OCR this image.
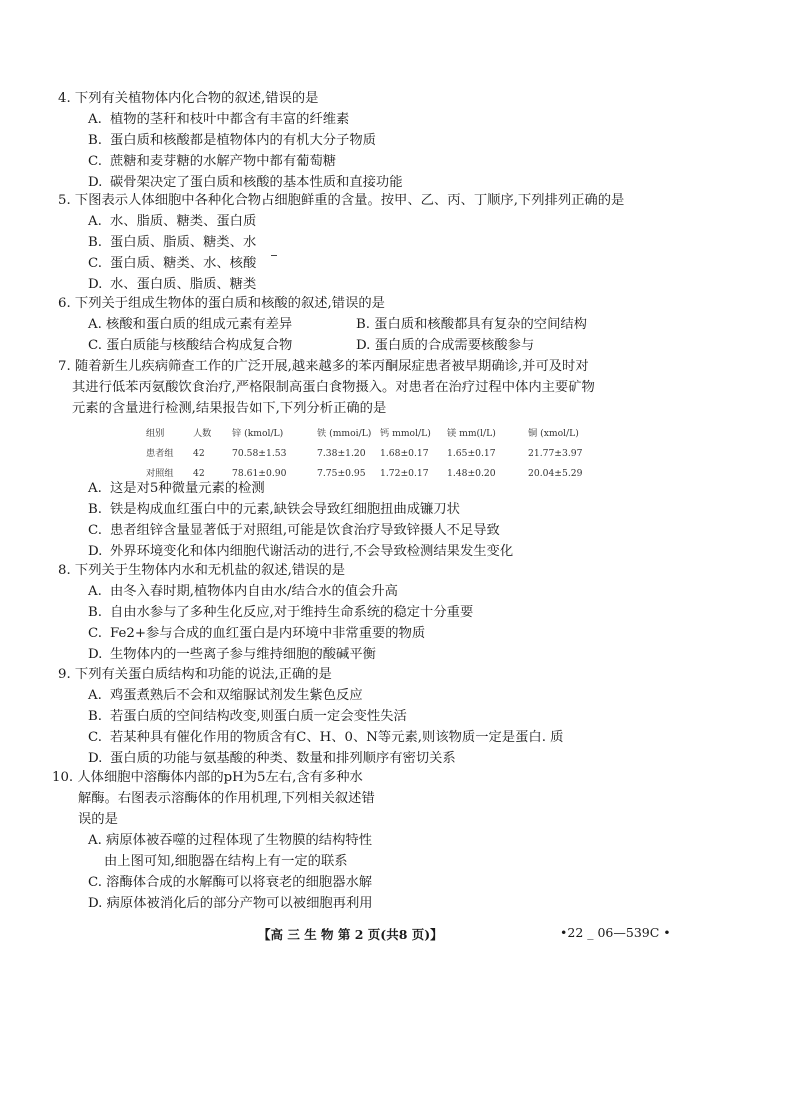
4. 下列有关植物体内化合物的叙述,错误的是
A. 植物的茎秆和枝叶中都含有丰富的纤维素
B. 蛋白质和核酸都是植物体内的有机大分子物质
C. 蔗糖和麦芽糖的水解产物中都有葡萄糖
D. 碳骨架决定了蛋白质和核酸的基本性质和直接功能
5. 下图表示人体细胞中各种化合物占细胞鲜重的含量。按甲、乙、丙、丁顺序,下列排列正确的是
A. 水、脂质、糖类、蛋白质
B. 蛋白质、脂质、糖类、水
C. 蛋白质、糖类、水、核酸
D. 水、蛋白质、脂质、糖类
6. 下列关于组成生物体的蛋白质和核酸的叙述,错误的是
A. 核酸和蛋白质的组成元素有差异	B. 蛋白质和核酸都具有复杂的空间结构
C. 蛋白质能与核酸结合构成复合物	D. 蛋白质的合成需要核酸参与
7. 随着新生儿疾病筛查工作的广泛开展,越来越多的苯丙酮尿症患者被早期确诊,并可及时对
其进行低苯丙氨酸饮食治疗,严格限制高蛋白食物摄入。对患者在治疗过程中体内主要矿物
元素的含量进行检测,结果报告如下,下列分析正确的是
组别	人数	锌 (kmol/L)	铁 (mmoi/L)	钙 mmol/L)	镁 mm(l/L)	铜 (xmol/L)
患者组	42	70.58±1.53	7.38±1.20	1.68±0.17	1.65±0.17	21.77±3.97
对照组	42	78.61±0.90	7.75±0.95	1.72±0.17	1.48±0.20	20.04±5.29
A. 这是对5种微量元素的检测
B. 铁是构成血红蛋白中的元素,缺铁会导致红细胞扭曲成镰刀状
C. 患者组锌含量显著低于对照组,可能是饮食治疗导致锌摄人不足导致
D. 外界环境变化和体内细胞代谢活动的进行,不会导致检测结果发生变化
8. 下列关于生物体内水和无机盐的叙述,错误的是
A. 由冬入春时期,植物体内自由水/结合水的值会升高
B. 自由水参与了多种生化反应,对于维持生命系统的稳定十分重要
C. Fe2+参与合成的血红蛋白是内环境中非常重要的物质
D. 生物体内的一些离子参与维持细胞的酸碱平衡
9. 下列有关蛋白质结构和功能的说法,正确的是
A. 鸡蛋煮熟后不会和双缩脲试剂发生紫色反应
B. 若蛋白质的空间结构改变,则蛋白质一定会变性失活
C. 若某种具有催化作用的物质含有C、H、0、N等元素,则该物质一定是蛋白. 质
D. 蛋白质的功能与氨基酸的种类、数量和排列顺序有密切关系
10. 人体细胞中溶酶体内部的pH为5左右,含有多种水
解酶。右图表示溶酶体的作用机理,下列相关叙述错
误的是
A. 病原体被吞噬的过程体现了生物膜的结构特性
由上图可知,细胞器在结构上有一定的联系
C. 溶酶体合成的水解酶可以将衰老的细胞器水解
D. 病原体被消化后的部分产物可以被细胞再利用
【高 三 生 物 第 2 页(共8 页)】	•22 _ 06—539C •
